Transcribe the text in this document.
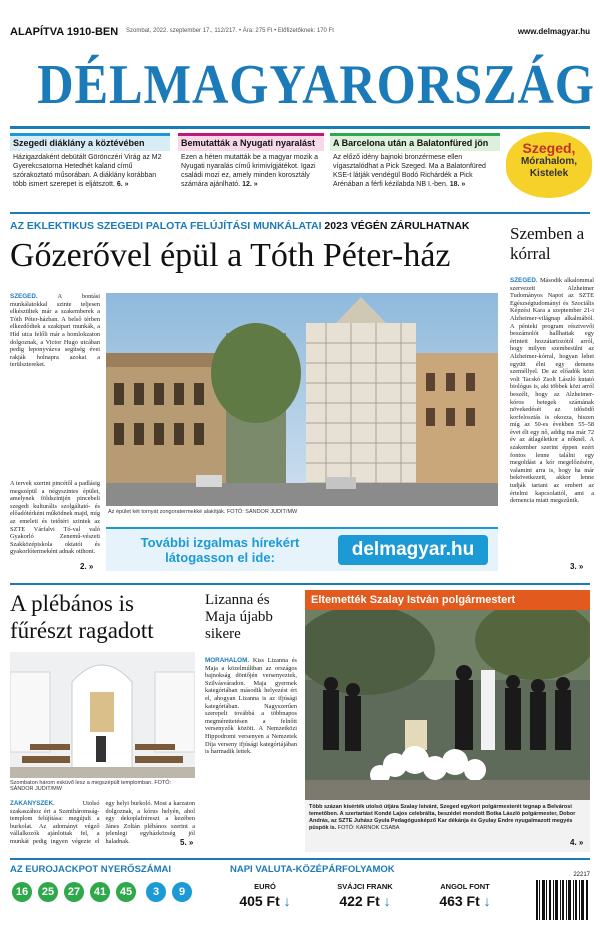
ALAPÍTVA 1910-BEN Szombat, 2022. szeptember 17., 112/217. • Ára: 275 Ft • Előfizetőknek: 170 Ft	www.delmagyar.hu
DÉLMAGYARORSZÁG
Szegedi diáklány a köztévében
Házigazdaként debütált Görönczéri Virág az M2 Gyerekcsatorna Hetedhét kaland című szórakoztató műsorában. A diáklány korábban több ismert szerepet is eljátszott. 6. »
Bemutatták a Nyugati nyaralást
Ezen a héten mutatták be a magyar mozik a Nyugati nyaralás című krimivígjátékot. Igazi családi mozi ez, amely minden korosztály számára ajánlható. 12. »
A Barcelona után a Balatonfüred jön
Az előző idény bajnoki bronzérmese ellen vígasztalódhat a Pick Szeged. Ma a Balatonfüred KSE-t látják vendégül Bodó Richárdék a Pick Arénában a férfi kézilabda NB I.-ben. 18. »
Szeged,
Mórahalom,
Kistelek
AZ EKLEKTIKUS SZEGEDI PALOTA FELÚJÍTÁSI MUNKÁLATAI 2023 VÉGÉN ZÁRULHATNAK
Gőzerővel épül a Tóth Péter-ház
SZEGED.	A bontási munkálatokkal szinte teljesen elkészültek már a szakemberek a Tóth Péter-házban. A belső térben elkezdődtek a szakipari munkák, a Híd utca felőli már a homlokzaton dolgoznak, a Victor Hugo utcában pedig leponyvázva segítség évei rakják holnapra azokat a terülsztereket.
A tervek szerint pincétől a padlásig megszépül a négyszintes épület, amelynek földszintjén pincebeli szegedi kulturális szolgáltató- és előadótérként működnek majd, míg az emeleti és tetőtéri szintek az SZTE Várfalvi Tó-val való Gyakorló Zenemű-vészeti Szakközépiskola oktatói és gyakorlótermeként adnak otthont.
2. »
Az épület két tornyát zongoratermekké alakítják. FOTÓ: SÁNDOR JUDIT/MW
További izgalmas hírekért látogasson el ide:	delmagyar.hu
Szemben a kórral
SZEGED. Második alkalommal szervezett Alzheimer Tudományos Napot az SZTE Egészségtudományi és Szociális Képzési Kara a szeptember 21-i Alzheimer-világnap alkalmából. A pénteki program résztvevői beszámolót hallhattak egy érintett hozzátartozótól arról, hogy milyen szembesülni az Alzheimer-kórral, hogyan lehet együtt élni egy demens személlyel. De az előadók közt volt Tacskó Zsolt László kutató biológus is, aki többek közt arról beszélt, hogy az Alzheimer-kóros betegek számának növekedését az idősödő korfelosztás is okozza, hiszen míg az 50-es években 55–58 évet élt egy nő, addig ma már 72 év az átlagéletkor a nőknél. A szakember szerint éppen ezért fontos lenne találni egy megoldást a kór megelőzésére, valamint arra is, hogy ha már bekövetkezett, akkor lenne tudják tartani az embert az értelmi kapcsolattól, ami a demencia miatt megszűnik.
3. »
A plébános is fűrészt ragadott
Szombaton három esküvő lesz a megszépült templomban. FOTÓ: SÁNDOR JUDIT/MW
ZÁKÁNYSZÉK.	Utolsó szakaszához ért a Szentháromság-templom felújítása: megújult a burkolat. Az adományt végző vállalkozók ajánlottak fel, a munkát pedig ingyen végezte el egy helyi burkoló. Most a karzaton dolgoznak, a kórus helyén, ahol egy dekoplafréreszt a kezében Jánes Zoltán plébános szerint a jelenlegi egyházközség jól haladnak.	5. »
Lizanna és Maja újabb sikere
MÓRAHALOM. Kiss Lizanna és Maja a közelmúltban az országos bajnokság döntőjén versenyeztek, Szilvásváradon. Maja gyermek kategóriában második helyezést ért el, ahogyan Lizanna is az ifjúsági kategóriában. Nagyszerűen szerepelt továbbá a többnapos megmérettetésen a felnőtt versenyzők között. A Nemzetközi Hippodromi versenyen a Nemzetek Díja verseny ifjúsági kategóriájában is harmadik lettek.
Eltemették Szalay István polgármestert
Több százan kísérték utolsó útjára Szalay Istvánt, Szeged egykori polgármesterét tegnap a Belvárosi temetőben. A szertartást Kondé Lajos celebrálta, beszédet mondott Botka László polgármester, Dobor András, az SZTE Juhász Gyula Pedagógusképző Kar dékánja és Gyulay Endre nyugalmazott megyés püspök is. FOTÓ: KARNOK CSABA
4. »
AZ EUROJACKPOT NYERŐSZÁMAI
16	25	27	41	45	3	9
NAPI VALUTA-KÖZÉPÁRFOLYAMOK
EURÓ
405 Ft ↓
SVÁJCI FRANK
422 Ft ↓
ANGOL FONT
463 Ft ↓
22217
